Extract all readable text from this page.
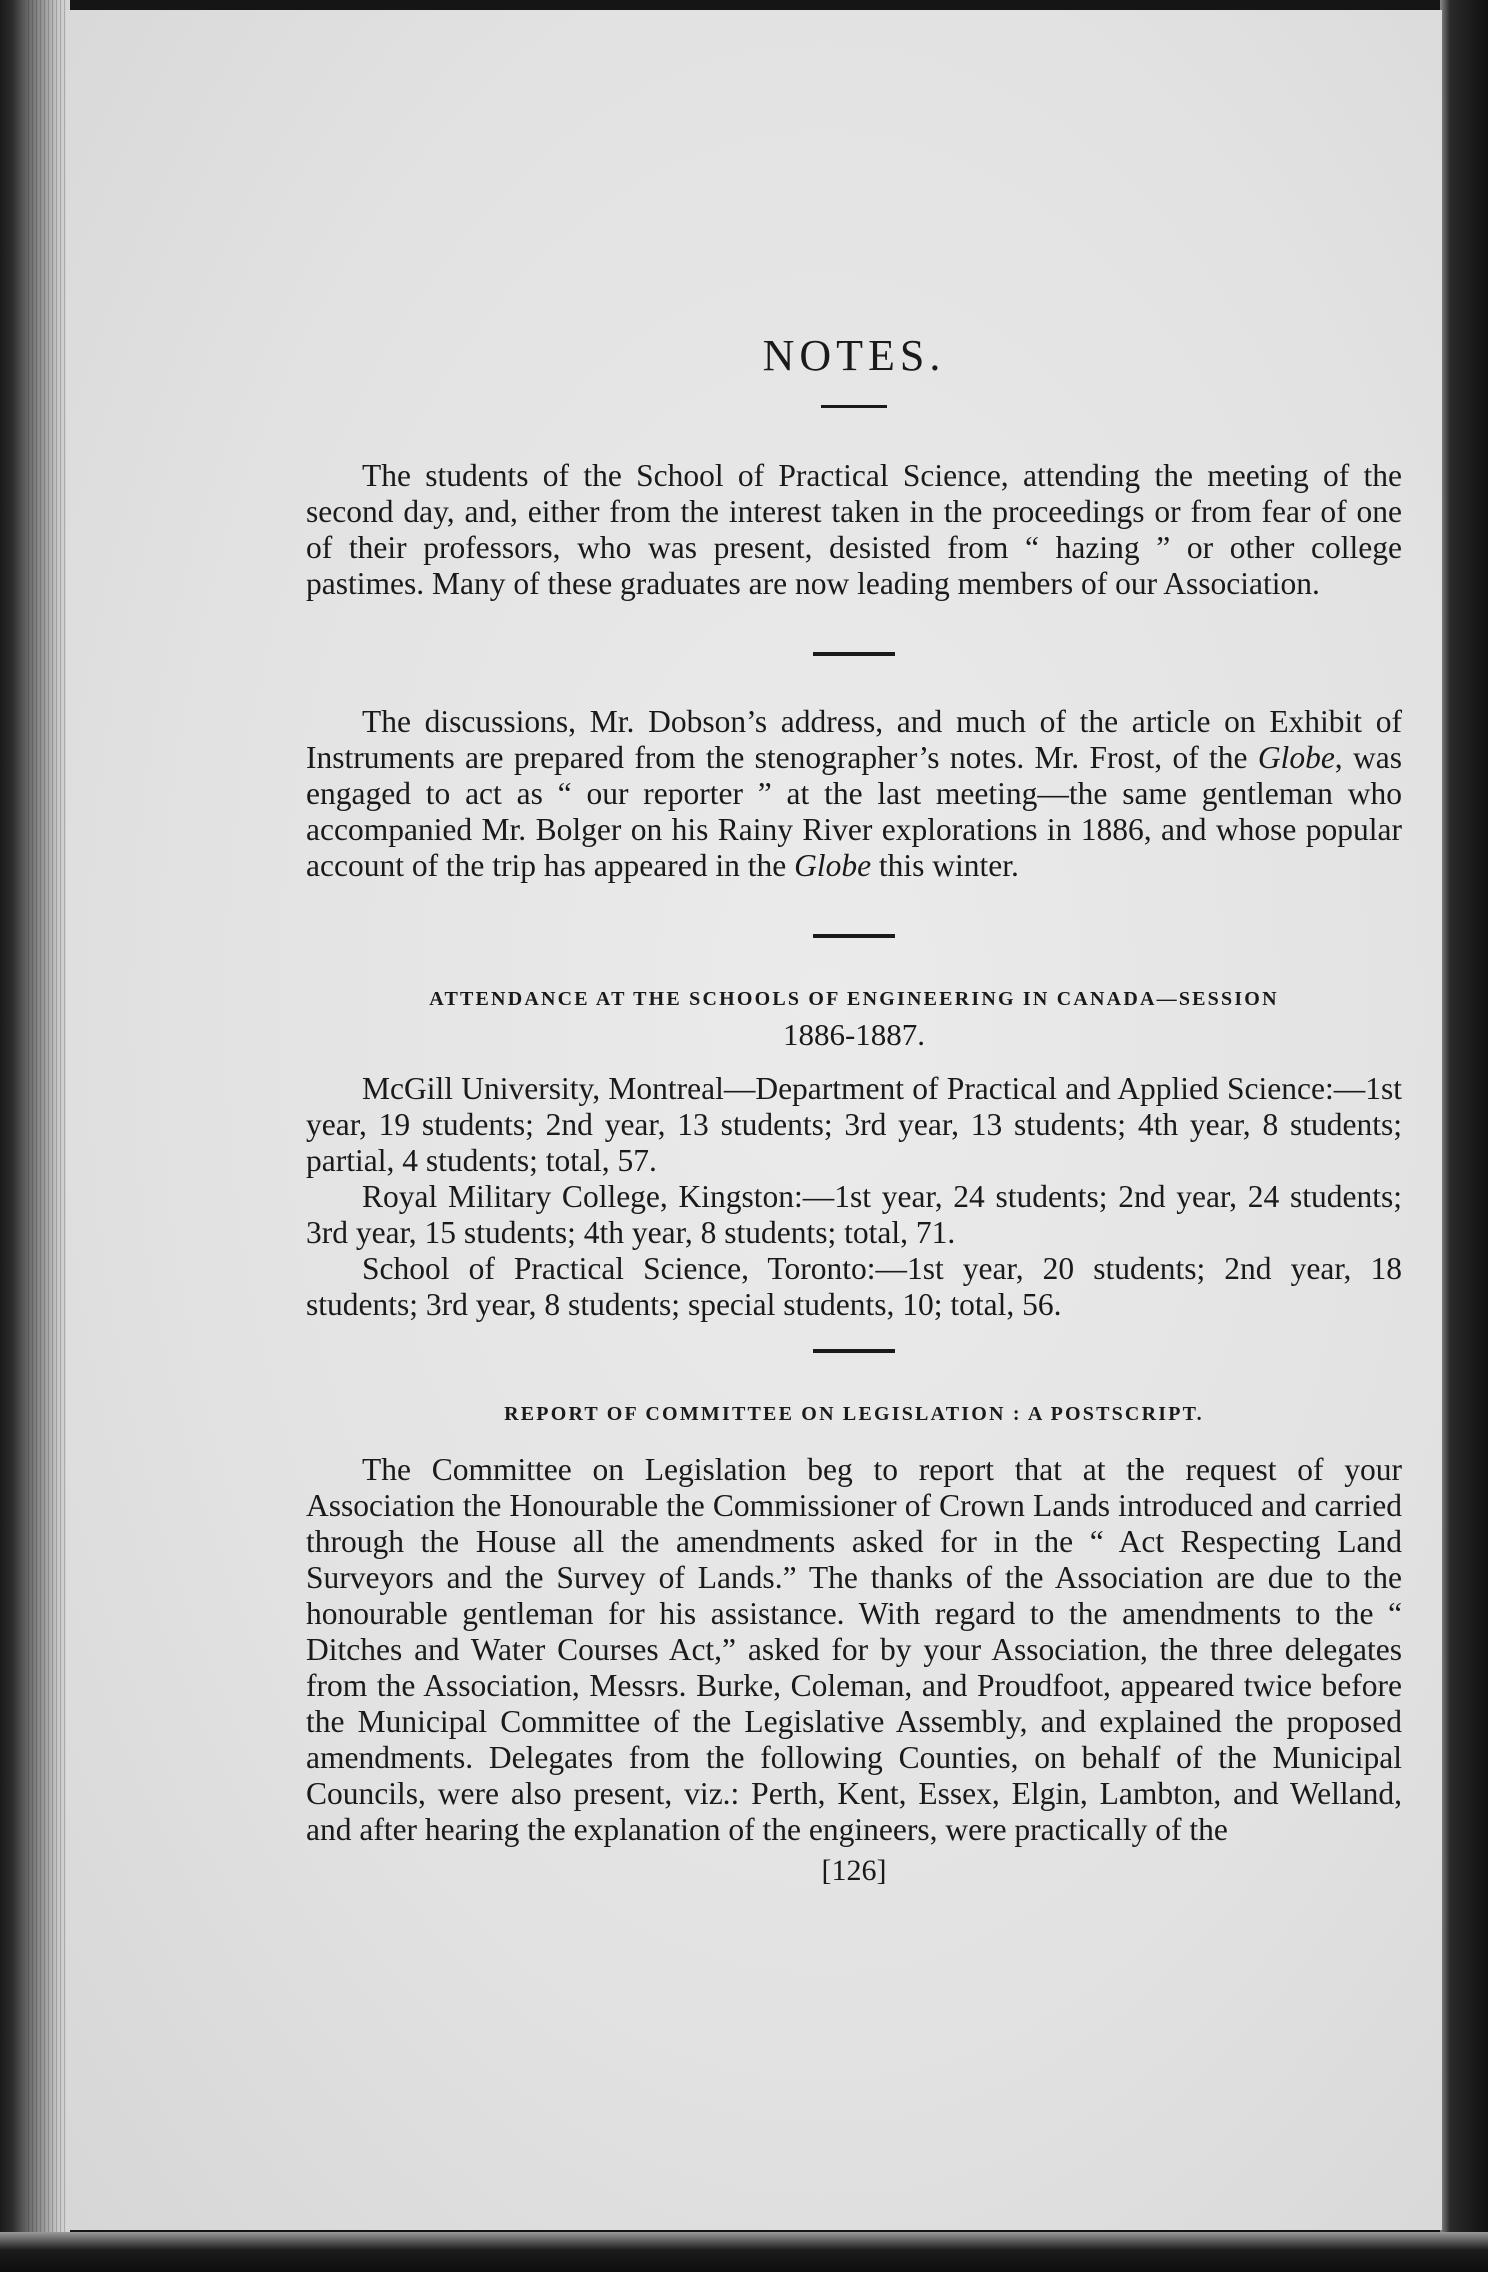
NOTES.

The students of the School of Practical Science, attending the meeting of the second day, and, either from the interest taken in the proceedings or from fear of one of their professors, who was present, desisted from “ hazing ” or other college pastimes. Many of these graduates are now leading members of our Association.

The discussions, Mr. Dobson’s address, and much of the article on Exhibit of Instruments are prepared from the stenographer’s notes. Mr. Frost, of the Globe, was engaged to act as “ our reporter ” at the last meeting—the same gentleman who accompanied Mr. Bolger on his Rainy River explorations in 1886, and whose popular account of the trip has appeared in the Globe this winter.

ATTENDANCE AT THE SCHOOLS OF ENGINEERING IN CANADA—SESSION
1886-1887.

McGill University, Montreal—Department of Practical and Applied Science:—1st year, 19 students; 2nd year, 13 students; 3rd year, 13 students; 4th year, 8 students; partial, 4 students; total, 57.

Royal Military College, Kingston:—1st year, 24 students; 2nd year, 24 students; 3rd year, 15 students; 4th year, 8 students; total, 71.

School of Practical Science, Toronto:—1st year, 20 students; 2nd year, 18 students; 3rd year, 8 students; special students, 10; total, 56.

REPORT OF COMMITTEE ON LEGISLATION : A POSTSCRIPT.

The Committee on Legislation beg to report that at the request of your Association the Honourable the Commissioner of Crown Lands introduced and carried through the House all the amendments asked for in the “ Act Respecting Land Surveyors and the Survey of Lands.” The thanks of the Association are due to the honourable gentleman for his assistance. With regard to the amendments to the “ Ditches and Water Courses Act,” asked for by your Association, the three delegates from the Association, Messrs. Burke, Coleman, and Proudfoot, appeared twice before the Municipal Committee of the Legislative Assembly, and explained the proposed amendments. Delegates from the following Counties, on behalf of the Municipal Councils, were also present, viz.: Perth, Kent, Essex, Elgin, Lambton, and Welland, and after hearing the explanation of the engineers, were practically of the

[126]
